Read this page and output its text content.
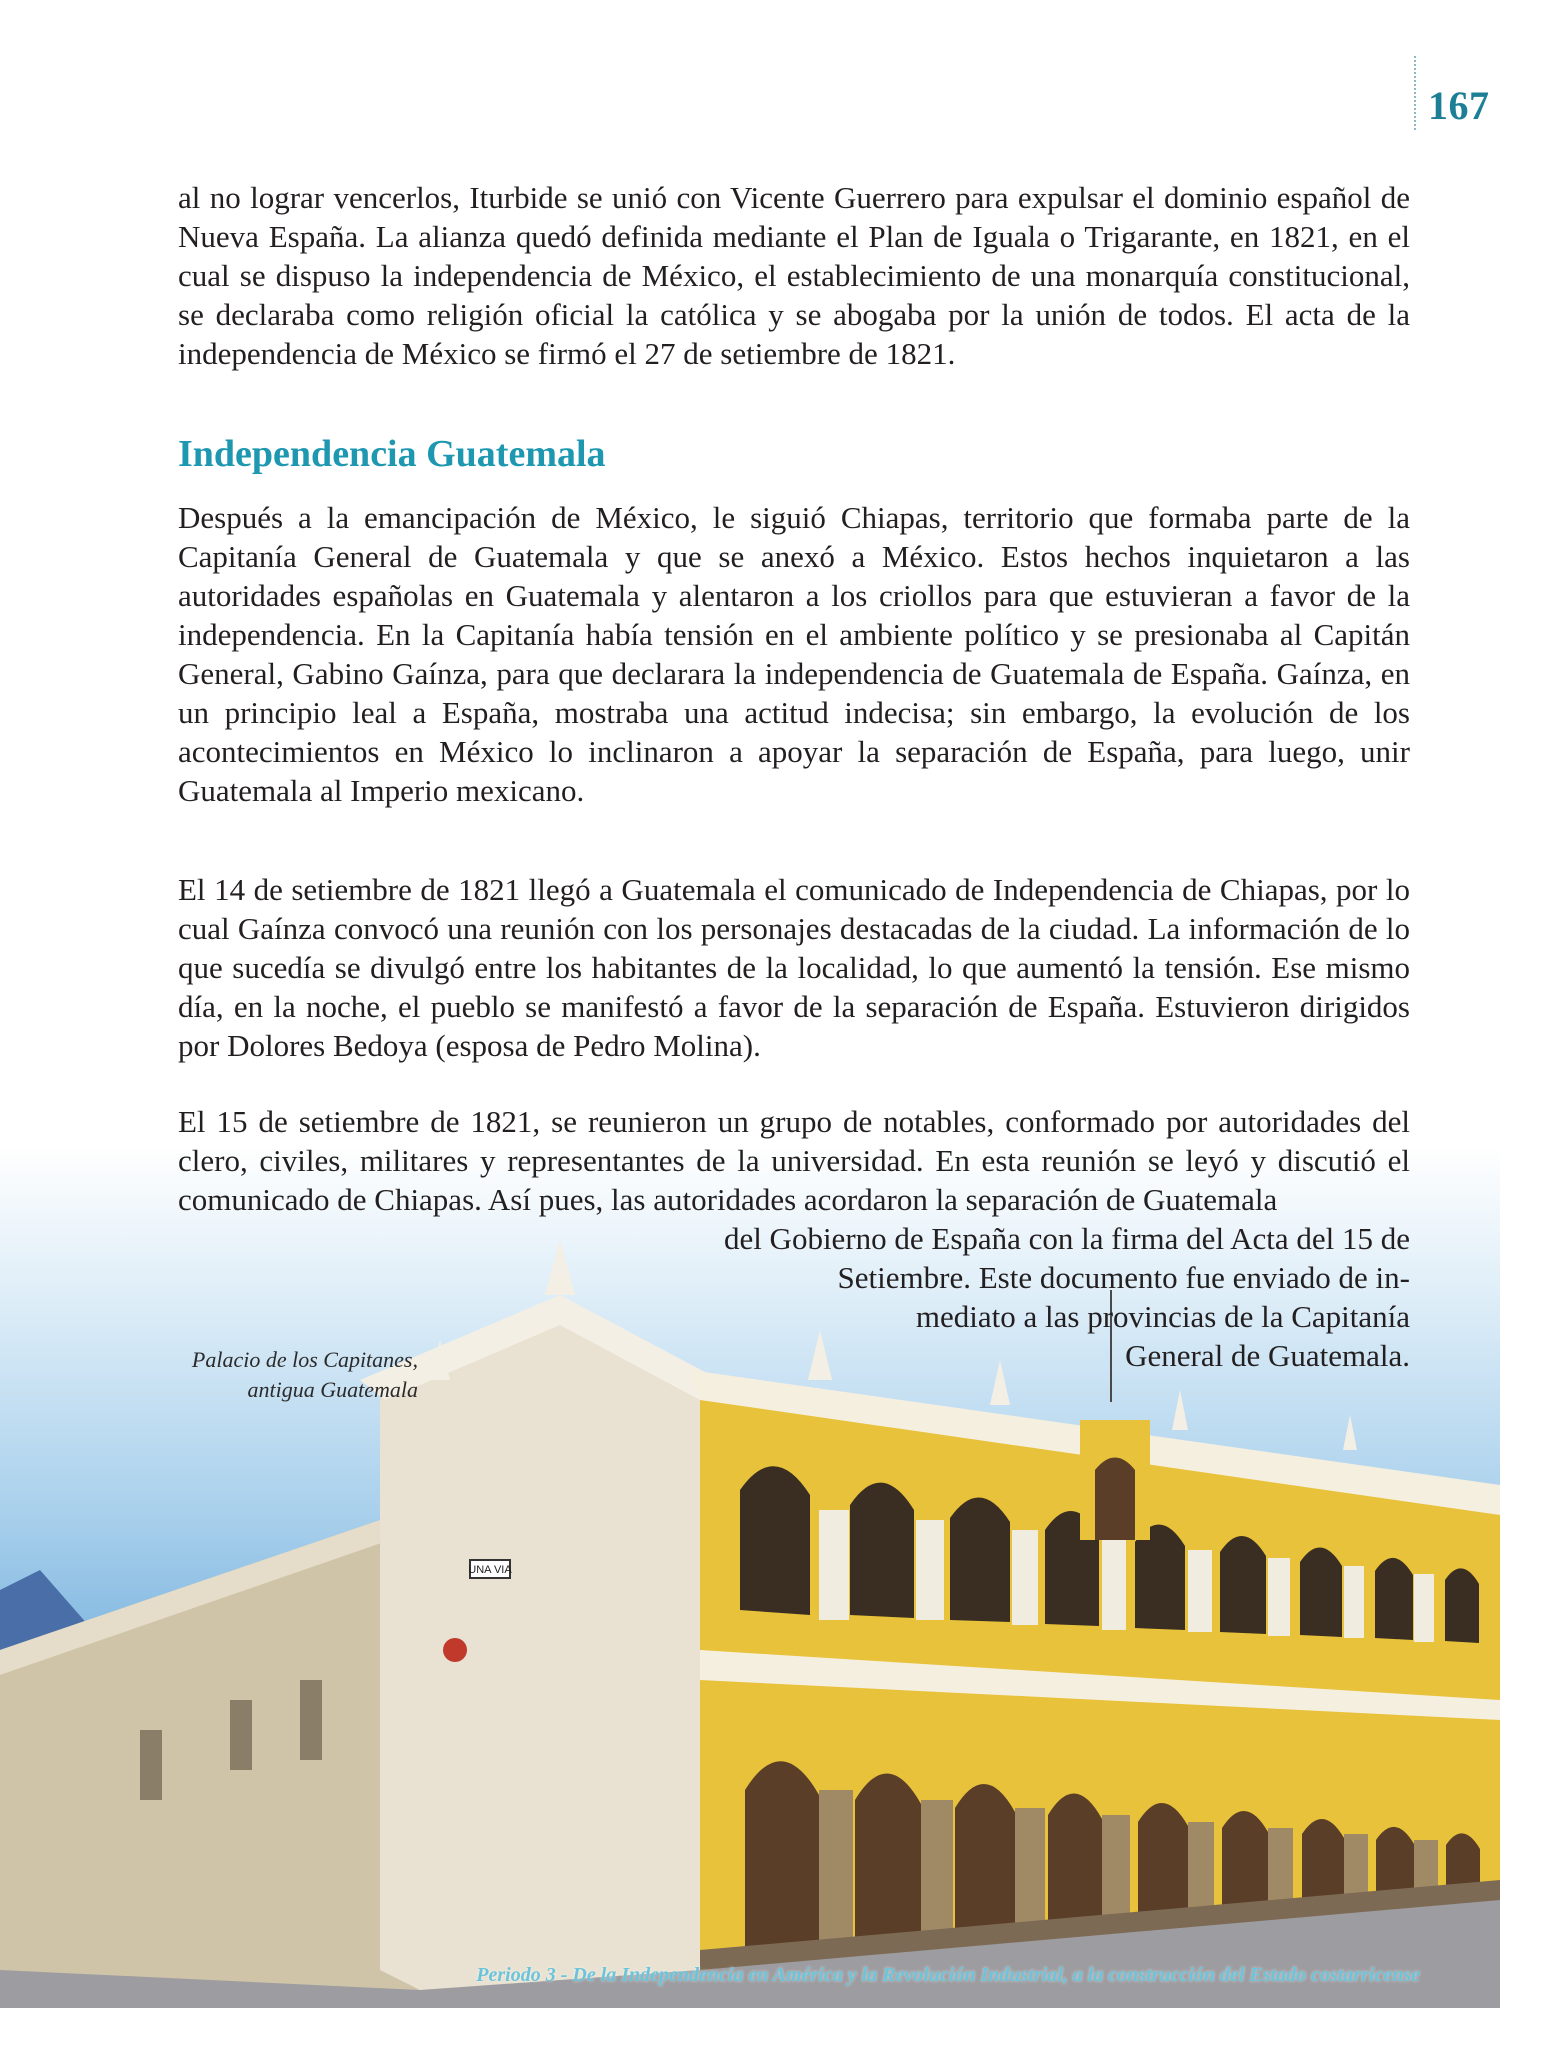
167

al no lograr vencerlos, Iturbide se unió con Vicente Guerrero para expulsar el dominio español de Nueva España. La alianza quedó definida mediante el Plan de Iguala o Trigarante, en 1821, en el cual se dispuso la independencia de México, el establecimiento de una monarquía constitucional, se declaraba como religión oficial la católica y se abogaba por la unión de todos. El acta de la independencia de México se firmó el 27 de setiembre de 1821.

Independencia Guatemala

Después a la emancipación de México, le siguió Chiapas, territorio que formaba parte de la Capitanía General de Guatemala y que se anexó a México. Estos hechos inquietaron a las autoridades españolas en Guatemala y alentaron a los criollos para que estuvieran a favor de la independencia. En la Capitanía había tensión en el ambiente político y se presionaba al Capitán General, Gabino Gaínza, para que declarara la independencia de Guatemala de España. Gaínza, en un principio leal a España, mostraba una actitud indecisa; sin embargo, la evolución de los acontecimientos en México lo inclinaron a apoyar la separación de España, para luego, unir Guatemala al Imperio mexicano.

El 14 de setiembre de 1821 llegó a Guatemala el comunicado de Independencia de Chiapas, por lo cual Gaínza convocó una reunión con los personajes destacadas de la ciudad. La información de lo que sucedía se divulgó entre los habitantes de la localidad, lo que aumentó la tensión. Ese mismo día, en la noche, el pueblo se manifestó a favor de la separación de España. Estuvieron dirigidos por Dolores Bedoya (esposa de Pedro Molina).

UNA VIA

El 15 de setiembre de 1821, se reunieron un grupo de notables, conformado por autoridades del clero, civiles, militares y representantes de la universidad. En esta reunión se leyó y discutió el comunicado de Chiapas. Así pues, las autoridades acordaron la separación de Guatemala

del Gobierno de España con la firma del Acta del 15 de
Setiembre. Este documento fue enviado de in-
mediato a las provincias de la Capitanía
General de Guatemala.

Palacio de los Capitanes,
antigua Guatemala
Periodo 3 - De la Independencia en América y la Revolución Industrial, a la construcción del Estado costarricense
